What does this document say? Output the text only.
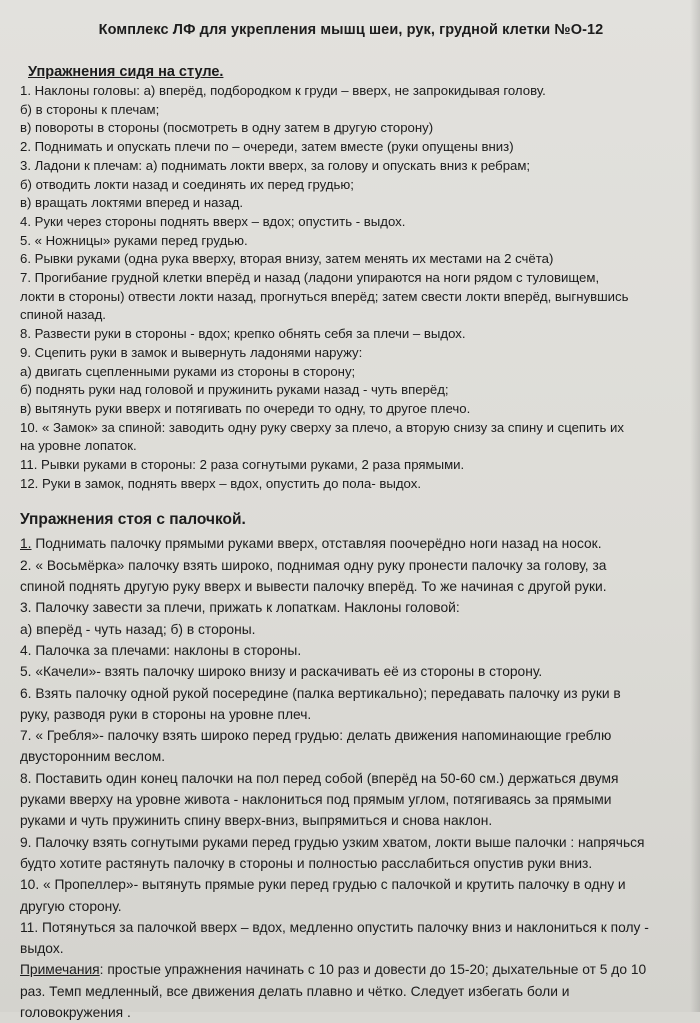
Комплекс ЛФ для укрепления мышц шеи, рук, грудной клетки №О-12
Упражнения сидя на стуле.

1. Наклоны головы: а) вперёд, подбородком к груди – вверх, не запрокидывая голову.

б) в стороны к плечам;

в) повороты в стороны (посмотреть в одну затем в другую сторону)

2. Поднимать и опускать плечи по – очереди, затем вместе (руки опущены вниз)

3. Ладони к плечам: а) поднимать локти вверх, за голову и опускать вниз к ребрам;

б) отводить локти назад и соединять их перед грудью;

в) вращать локтями вперед и назад.

4. Руки через стороны поднять вверх – вдох; опустить - выдох.

5. « Ножницы» руками перед грудью.

6. Рывки руками (одна рука вверху, вторая внизу, затем менять их местами на 2 счёта)

7. Прогибание грудной клетки вперёд и назад (ладони упираются на ноги рядом с туловищем,

локти в стороны) отвести локти назад, прогнуться вперёд; затем свести локти вперёд, выгнувшись

спиной назад.

8. Развести руки в стороны - вдох; крепко обнять себя за плечи – выдох.

9. Сцепить руки в замок и вывернуть ладонями наружу:

а) двигать сцепленными руками из стороны в сторону;

б) поднять руки над головой и пружинить руками назад - чуть вперёд;

в) вытянуть руки вверх и потягивать по очереди то одну, то другое плечо.

10. « Замок» за спиной: заводить одну руку сверху за плечо, а вторую снизу за спину и сцепить их

на уровне лопаток.

11. Рывки руками в стороны: 2 раза согнутыми руками, 2 раза прямыми.

12. Руки в замок, поднять вверх – вдох, опустить до пола- выдох.

Упражнения стоя с палочкой.

1. Поднимать палочку прямыми руками вверх, отставляя поочерёдно ноги назад на носок.

2. « Восьмёрка» палочку взять широко, поднимая одну руку пронести палочку за голову, за

спиной поднять другую руку вверх и вывести палочку вперёд. То же начиная с другой руки.

3. Палочку завести за плечи, прижать к лопаткам. Наклоны головой:

а) вперёд - чуть назад; б) в стороны.

4. Палочка за плечами: наклоны в стороны.

5. «Качели»- взять палочку широко внизу и раскачивать её из стороны в сторону.

6. Взять палочку одной рукой посередине (палка вертикально); передавать палочку из руки в

руку, разводя руки в стороны на уровне плеч.

7. « Гребля»- палочку взять широко перед грудью: делать движения напоминающие греблю

двусторонним веслом.

8. Поставить один конец палочки на пол перед собой (вперёд на 50-60 см.) держаться двумя

руками вверху на уровне живота - наклониться под прямым углом, потягиваясь за прямыми

руками и чуть пружинить спину вверх-вниз, выпрямиться и снова наклон.

9. Палочку взять согнутыми руками перед грудью узким хватом, локти выше палочки : напрячься

будто хотите растянуть палочку в стороны и полностью расслабиться опустив руки вниз.

10. « Пропеллер»- вытянуть прямые руки перед грудью с палочкой и крутить палочку в одну и

другую сторону.

11. Потянуться за палочкой вверх – вдох, медленно опустить палочку вниз и наклониться к полу -

выдох.

Примечания: простые упражнения начинать с 10 раз и довести до 15-20; дыхательные от 5 до 10

раз. Темп медленный, все движения делать плавно и чётко. Следует избегать боли и

головокружения .
